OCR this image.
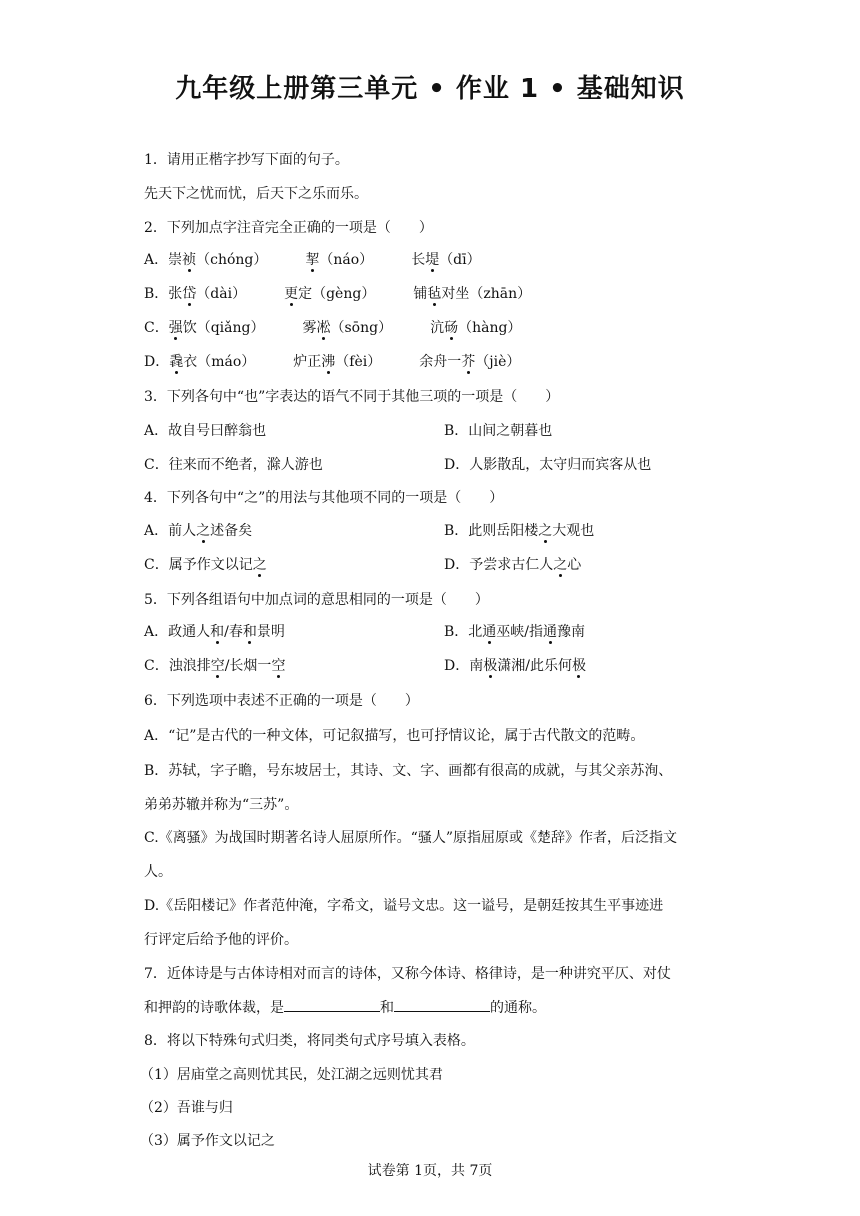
九年级上册第三单元 • 作业 1 • 基础知识
1．请用正楷字抄写下面的句子。
先天下之忧而忧，后天下之乐而乐。
2．下列加点字注音完全正确的一项是（　　）
A．崇祯（chóng）	挈（náo）	长堤（dī）
B．张岱（dài）	更定（gèng）	铺毡对坐（zhān）
C．强饮（qiǎng）	雾凇（sōng）	沆砀（hàng）
D．毳衣（máo）	炉正沸（fèi）	余舟一芥（jiè）
3．下列各句中“也”字表达的语气不同于其他三项的一项是（　　）
A．故自号曰醉翁也	B．山间之朝暮也
C．往来而不绝者，滁人游也	D．人影散乱，太守归而宾客从也
4．下列各句中“之”的用法与其他项不同的一项是（　　）
A．前人之述备矣	B．此则岳阳楼之大观也
C．属予作文以记之	D．予尝求古仁人之心
5．下列各组语句中加点词的意思相同的一项是（　　）
A．政通人和/春和景明	B．北通巫峡/指通豫南
C．浊浪排空/长烟一空	D．南极潇湘/此乐何极
6．下列选项中表述不正确的一项是（　　）
A．“记”是古代的一种文体，可记叙描写，也可抒情议论，属于古代散文的范畴。
B．苏轼，字子瞻，号东坡居士，其诗、文、字、画都有很高的成就，与其父亲苏洵、
弟弟苏辙并称为“三苏”。
C.《离骚》为战国时期著名诗人屈原所作。“骚人”原指屈原或《楚辞》作者，后泛指文
人。
D.《岳阳楼记》作者范仲淹，字希文，谥号文忠。这一谥号，是朝廷按其生平事迹进
行评定后给予他的评价。
7．近体诗是与古体诗相对而言的诗体，又称今体诗、格律诗，是一种讲究平仄、对仗
和押韵的诗歌体裁，是	和	的通称。
8．将以下特殊句式归类，将同类句式序号填入表格。
（1）居庙堂之高则忧其民，处江湖之远则忧其君
（2）吾谁与归
（3）属予作文以记之
试卷第 1页，共 7页
